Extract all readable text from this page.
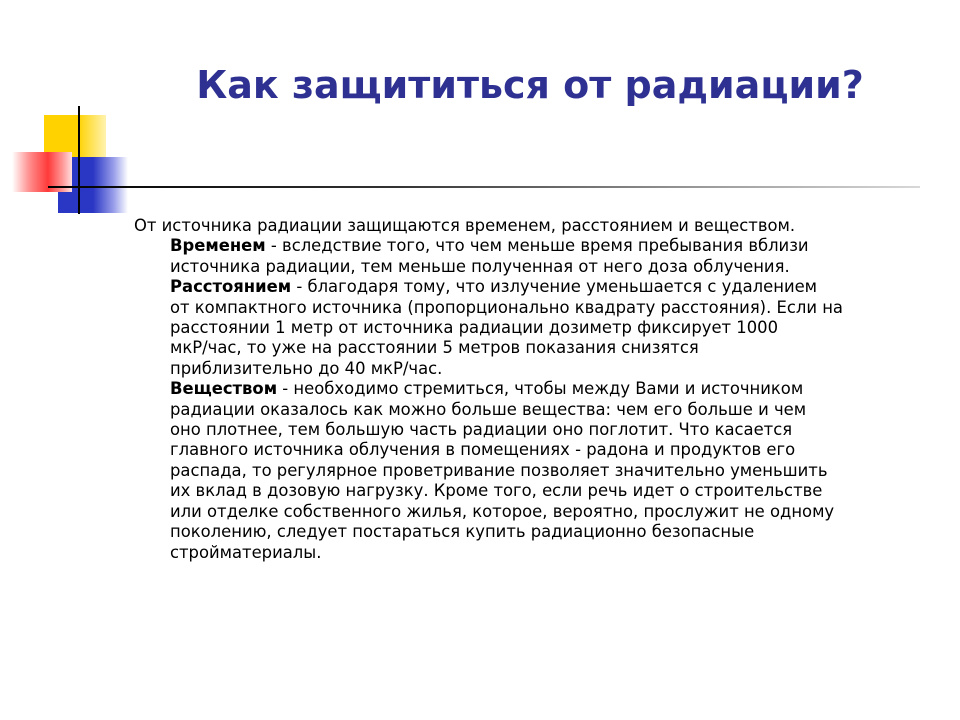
Как защититься от радиации?

От источника радиации защищаются временем, расстоянием и веществом.

Временем - вследствие того, что чем меньше время пребывания вблизи
источника радиации, тем меньше полученная от него доза облучения.

Расстоянием - благодаря тому, что излучение уменьшается с удалением
от компактного источника (пропорционально квадрату расстояния). Если на
расстоянии 1 метр от источника радиации дозиметр фиксирует 1000
мкР/час, то уже на расстоянии 5 метров показания снизятся
приблизительно до 40 мкР/час.

Веществом - необходимо стремиться, чтобы между Вами и источником
радиации оказалось как можно больше вещества: чем его больше и чем
оно плотнее, тем большую часть радиации оно поглотит. Что касается
главного источника облучения в помещениях - радона и продуктов его
распада, то регулярное проветривание позволяет значительно уменьшить
их вклад в дозовую нагрузку. Кроме того, если речь идет о строительстве
или отделке собственного жилья, которое, вероятно, прослужит не одному
поколению, следует постараться купить радиационно безопасные
стройматериалы.
